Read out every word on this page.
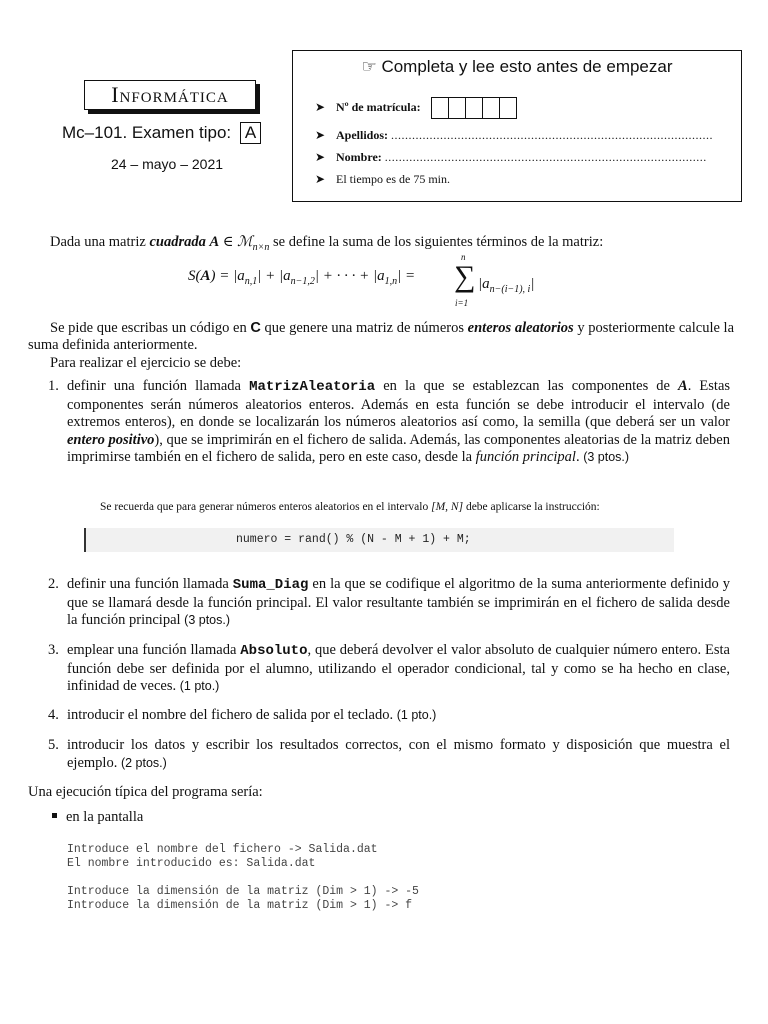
Informática
Mc–101. Examen tipo: A
24 – mayo – 2021
☞ Completa y lee esto antes de empezar
➤ Nº de matrícula:
➤ Apellidos: ............................................................................................
➤ Nombre: ............................................................................................
➤ El tiempo es de 75 min.
Dada una matriz cuadrada A ∈ ℳ$_{n\times n}$ se define la suma de los siguientes términos de la matriz:
$S(A) = |a_{n,1}| + |a_{n-1,2}|$ + · · · + $|a_{1,n}|$ = ∑
n
i=1
$|a_{n-(i-1), i}|$
Se pide que escribas un código en C que genere una matriz de números enteros aleatorios y posteriormente calcule la suma definida anteriormente.
Para realizar el ejercicio se debe:
1. definir una función llamada MatrizAleatoria en la que se establezcan las componentes de A. Estas componentes serán números aleatorios enteros. Además en esta función se debe introducir el intervalo (de extremos enteros), en donde se localizarán los números aleatorios así como, la semilla (que deberá ser un valor entero positivo), que se imprimirán en el fichero de salida. Además, las componentes aleatorias de la matriz deben imprimirse también en el fichero de salida, pero en este caso, desde la función principal. (3 ptos.)
2. definir una función llamada Suma_Diag en la que se codifique el algoritmo de la suma anteriormente definido y que se llamará desde la función principal. El valor resultante también se imprimirán en el fichero de salida desde la función principal (3 ptos.)
3. emplear una función llamada Absoluto, que deberá devolver el valor absoluto de cualquier número entero. Esta función debe ser definida por el alumno, utilizando el operador condicional, tal y como se ha hecho en clase, infinidad de veces. (1 pto.)
4. introducir el nombre del fichero de salida por el teclado. (1 pto.)
5. introducir los datos y escribir los resultados correctos, con el mismo formato y disposición que muestra el ejemplo. (2 ptos.)
Se recuerda que para generar números enteros aleatorios en el intervalo [M, N] debe aplicarse la instrucción:
numero = rand() % (N - M + 1) + M;
Una ejecución típica del programa sería:
en la pantalla
Introduce el nombre del fichero -> Salida.dat
El nombre introducido es: Salida.dat
Introduce la dimensión de la matriz (Dim > 1) -> -5
Introduce la dimensión de la matriz (Dim > 1) -> f
